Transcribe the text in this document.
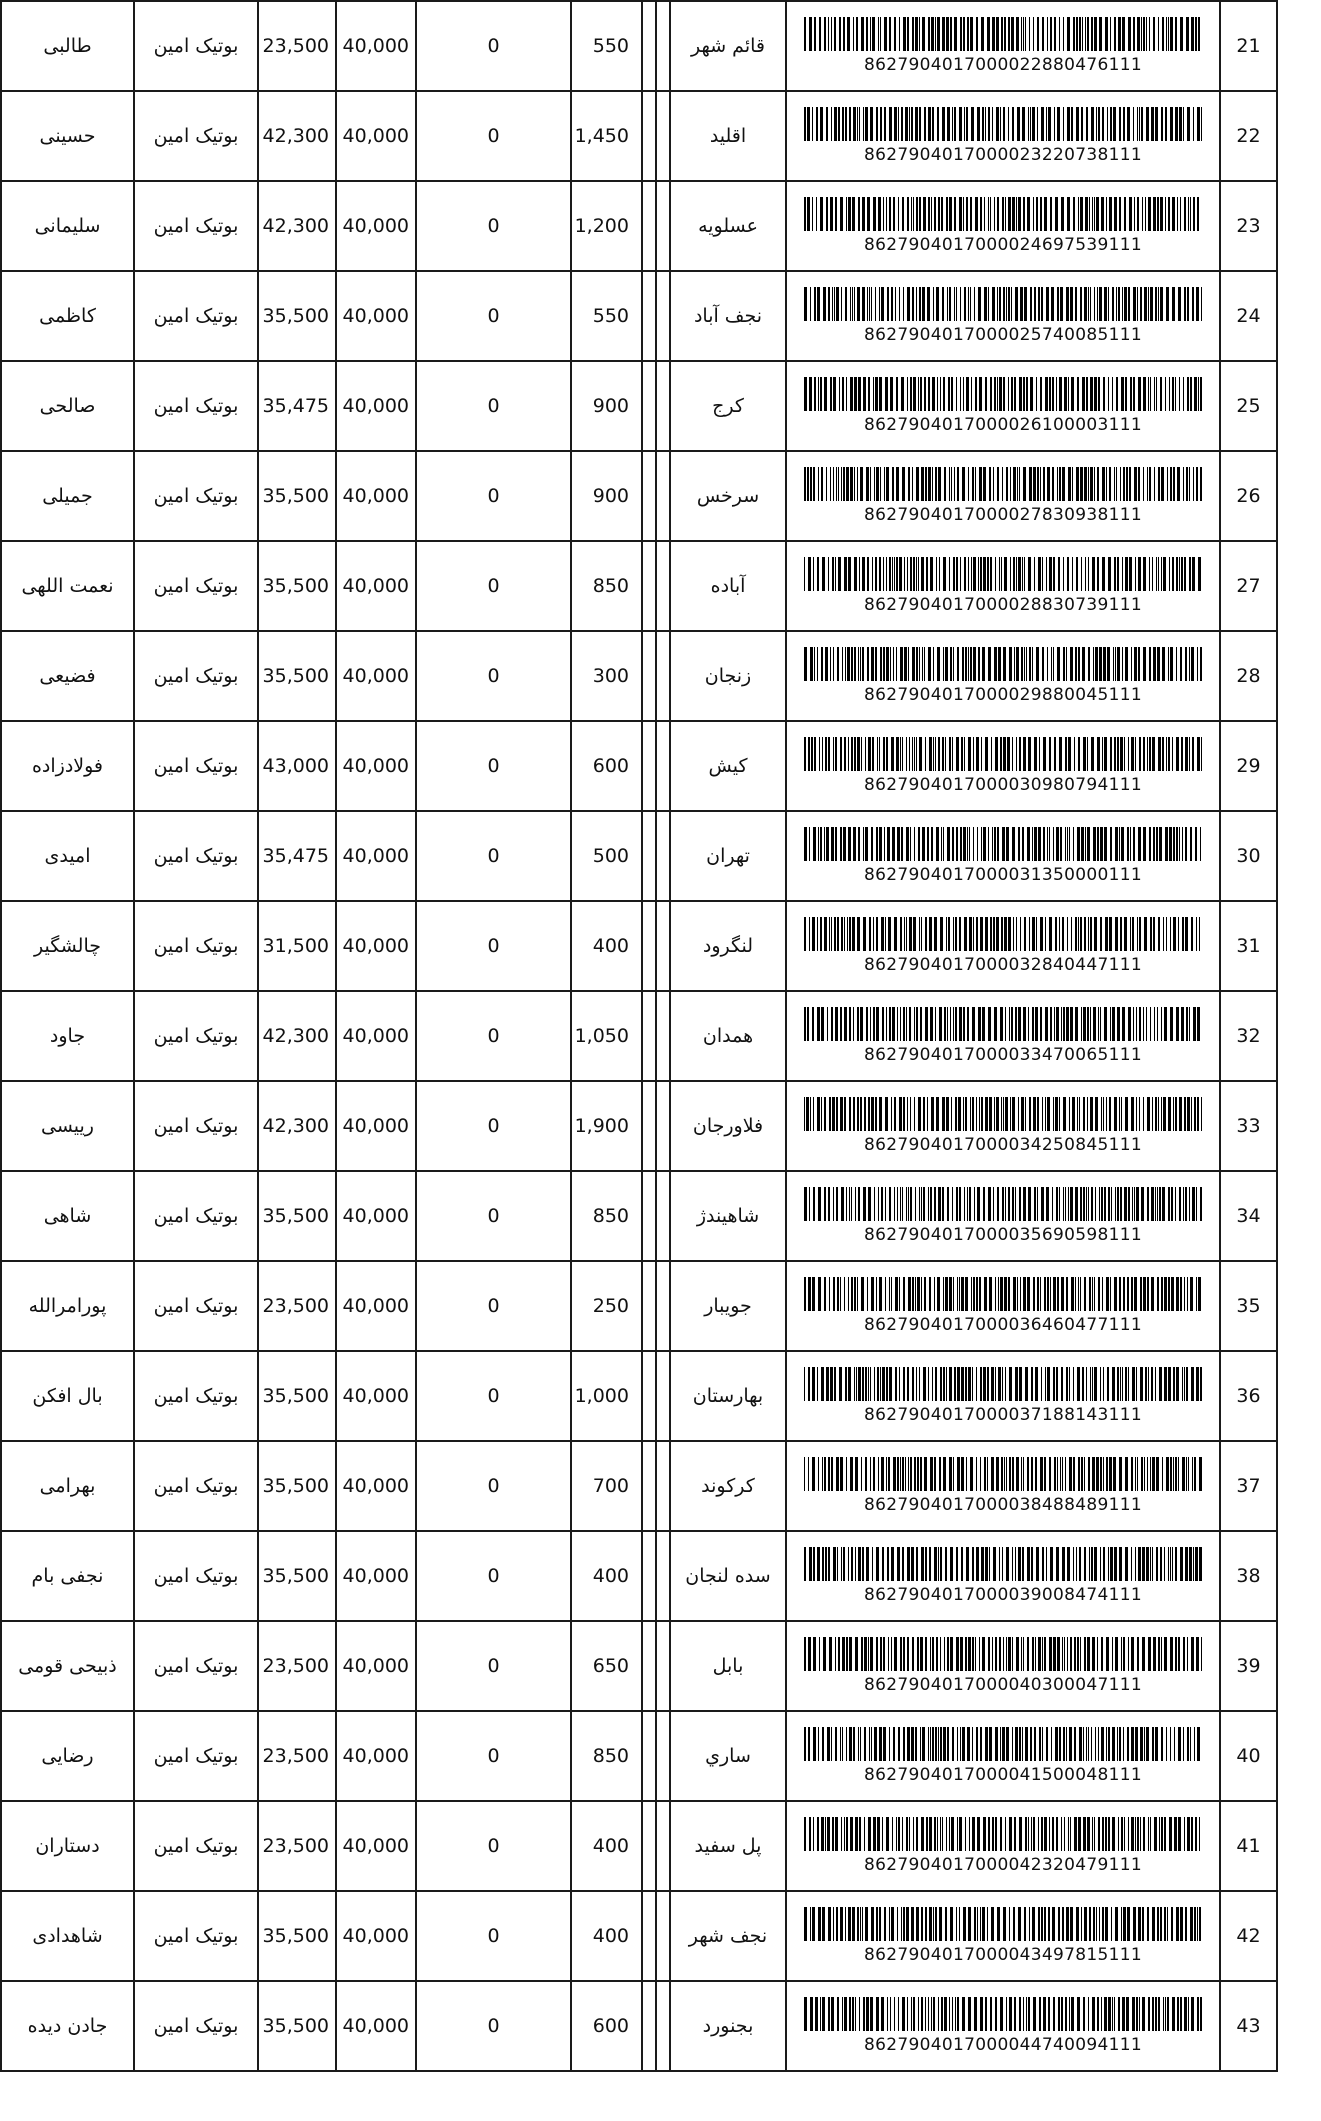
طالبی	بوتیک امین	23,500	40,000	0	550			قائم شهر	8627904017000022880476111	21
حسینی	بوتیک امین	42,300	40,000	0	1,450			اقلید	8627904017000023220738111	22
سلیمانی	بوتیک امین	42,300	40,000	0	1,200			عسلویه	8627904017000024697539111	23
کاظمی	بوتیک امین	35,500	40,000	0	550			نجف آباد	8627904017000025740085111	24
صالحی	بوتیک امین	35,475	40,000	0	900			کرج	8627904017000026100003111	25
جمیلی	بوتیک امین	35,500	40,000	0	900			سرخس	8627904017000027830938111	26
نعمت اللهی	بوتیک امین	35,500	40,000	0	850			آباده	8627904017000028830739111	27
فضیعی	بوتیک امین	35,500	40,000	0	300			زنجان	8627904017000029880045111	28
فولادزاده	بوتیک امین	43,000	40,000	0	600			کیش	8627904017000030980794111	29
امیدی	بوتیک امین	35,475	40,000	0	500			تهران	8627904017000031350000111	30
چالشگیر	بوتیک امین	31,500	40,000	0	400			لنگرود	8627904017000032840447111	31
جاود	بوتیک امین	42,300	40,000	0	1,050			همدان	8627904017000033470065111	32
رییسی	بوتیک امین	42,300	40,000	0	1,900			فلاورجان	8627904017000034250845111	33
شاهی	بوتیک امین	35,500	40,000	0	850			شاهیندژ	8627904017000035690598111	34
پورامرالله	بوتیک امین	23,500	40,000	0	250			جویبار	8627904017000036460477111	35
بال افکن	بوتیک امین	35,500	40,000	0	1,000			بهارستان	8627904017000037188143111	36
بهرامی	بوتیک امین	35,500	40,000	0	700			کرکوند	8627904017000038488489111	37
نجفی بام	بوتیک امین	35,500	40,000	0	400			سده لنجان	8627904017000039008474111	38
ذبیحی قومی	بوتیک امین	23,500	40,000	0	650			بابل	8627904017000040300047111	39
رضایی	بوتیک امین	23,500	40,000	0	850			ساري	8627904017000041500048111	40
دستاران	بوتیک امین	23,500	40,000	0	400			پل سفید	8627904017000042320479111	41
شاهدادی	بوتیک امین	35,500	40,000	0	400			نجف شهر	8627904017000043497815111	42
جادن دیده	بوتیک امین	35,500	40,000	0	600			بجنورد	8627904017000044740094111	43
